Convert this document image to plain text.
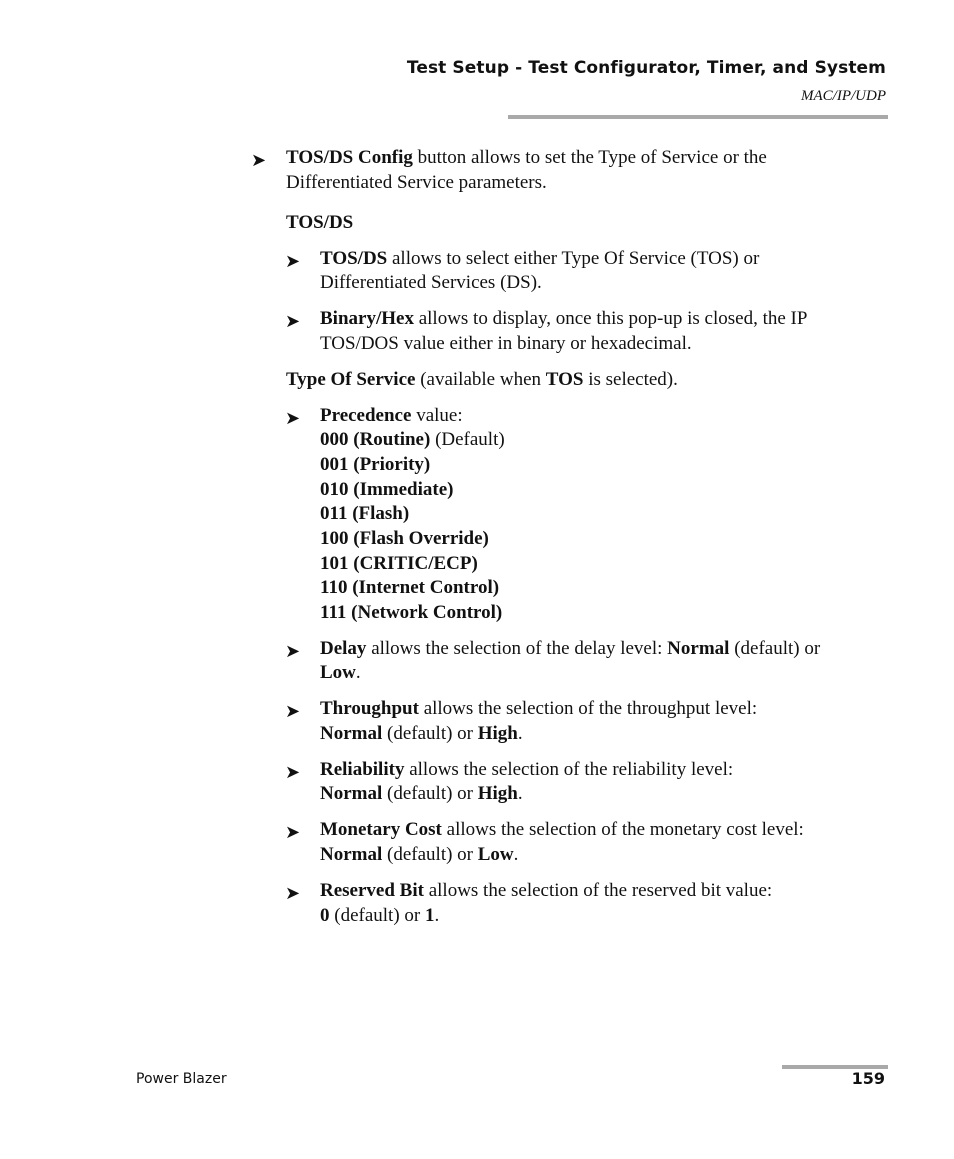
Test Setup - Test Configurator, Timer, and System
MAC/IP/UDP
➤ TOS/DS Config button allows to set the Type of Service or the
Differentiated Service parameters.
TOS/DS
➤ TOS/DS allows to select either Type Of Service (TOS) or
Differentiated Services (DS).
➤ Binary/Hex allows to display, once this pop-up is closed, the IP
TOS/DOS value either in binary or hexadecimal.
Type Of Service (available when TOS is selected).
➤ Precedence value:
000 (Routine) (Default)
001 (Priority)
010 (Immediate)
011 (Flash)
100 (Flash Override)
101 (CRITIC/ECP)
110 (Internet Control)
111 (Network Control)
➤ Delay allows the selection of the delay level: Normal (default) or
Low.
➤ Throughput allows the selection of the throughput level:
Normal (default) or High.
➤ Reliability allows the selection of the reliability level:
Normal (default) or High.
➤ Monetary Cost allows the selection of the monetary cost level:
Normal (default) or Low.
➤ Reserved Bit allows the selection of the reserved bit value:
0 (default) or 1.
Power Blazer	159
